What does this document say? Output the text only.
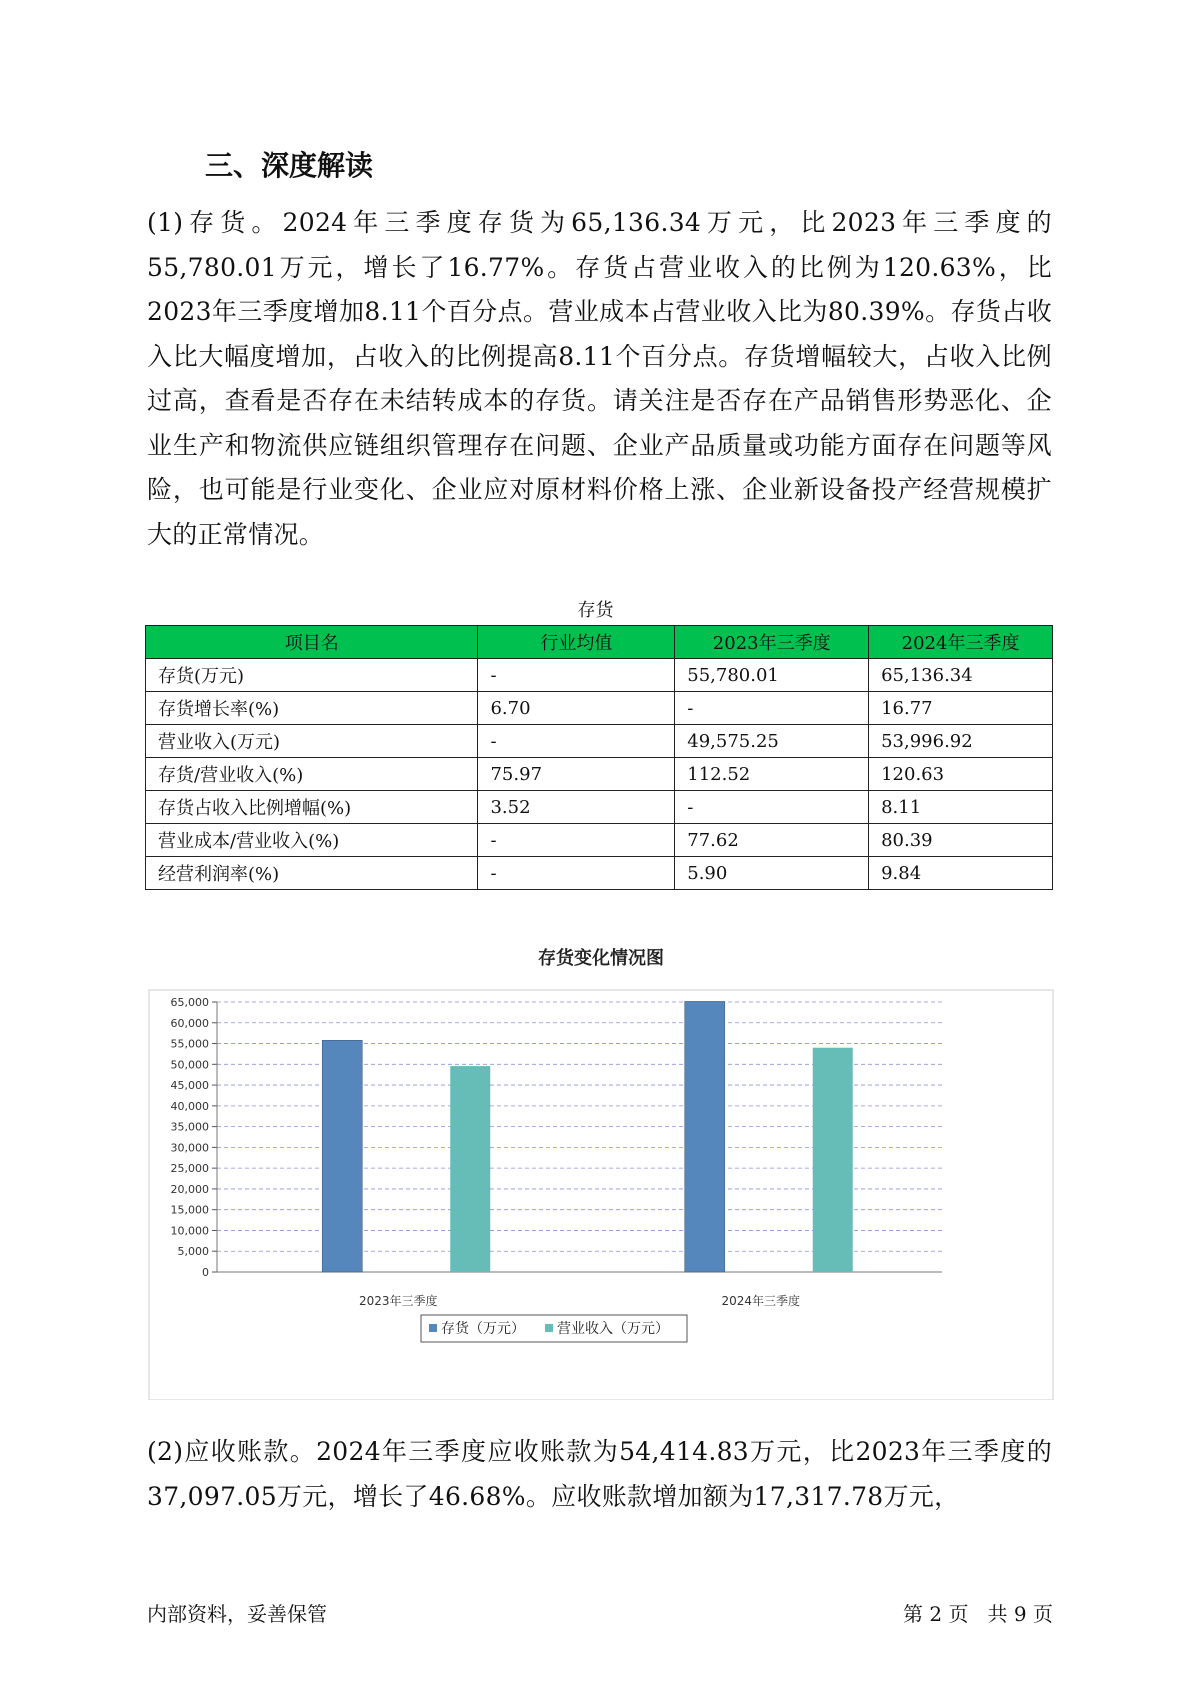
三、深度解读

(1)存货。2024年三季度存货为65,136.34万元，比2023年三季度的55,780.01万元，增长了16.77%。存货占营业收入的比例为120.63%，比2023年三季度增加8.11个百分点。营业成本占营业收入比为80.39%。存货占收入比大幅度增加，占收入的比例提高8.11个百分点。存货增幅较大，占收入比例过高，查看是否存在未结转成本的存货。请关注是否存在产品销售形势恶化、企业生产和物流供应链组织管理存在问题、企业产品质量或功能方面存在问题等风险，也可能是行业变化、企业应对原材料价格上涨、企业新设备投产经营规模扩大的正常情况。

存货
项目名	行业均值	2023年三季度	2024年三季度
存货(万元)	-	55,780.01	65,136.34
存货增长率(%)	6.70	-	16.77
营业收入(万元)	-	49,575.25	53,996.92
存货/营业收入(%)	75.97	112.52	120.63
存货占收入比例增幅(%)	3.52	-	8.11
营业成本/营业收入(%)	-	77.62	80.39
经营利润率(%)	-	5.90	9.84
存货变化情况图
0
5,000
10,000
15,000
20,000
25,000
30,000
35,000
40,000
45,000
50,000
55,000
60,000
65,000
2023年三季度	2024年三季度
存货（万元） 营业收入（万元）

(2)应收账款。2024年三季度应收账款为54,414.83万元，比2023年三季度的37,097.05万元，增长了46.68%。应收账款增加额为17,317.78万元，

内部资料，妥善保管	第 2 页   共 9 页
